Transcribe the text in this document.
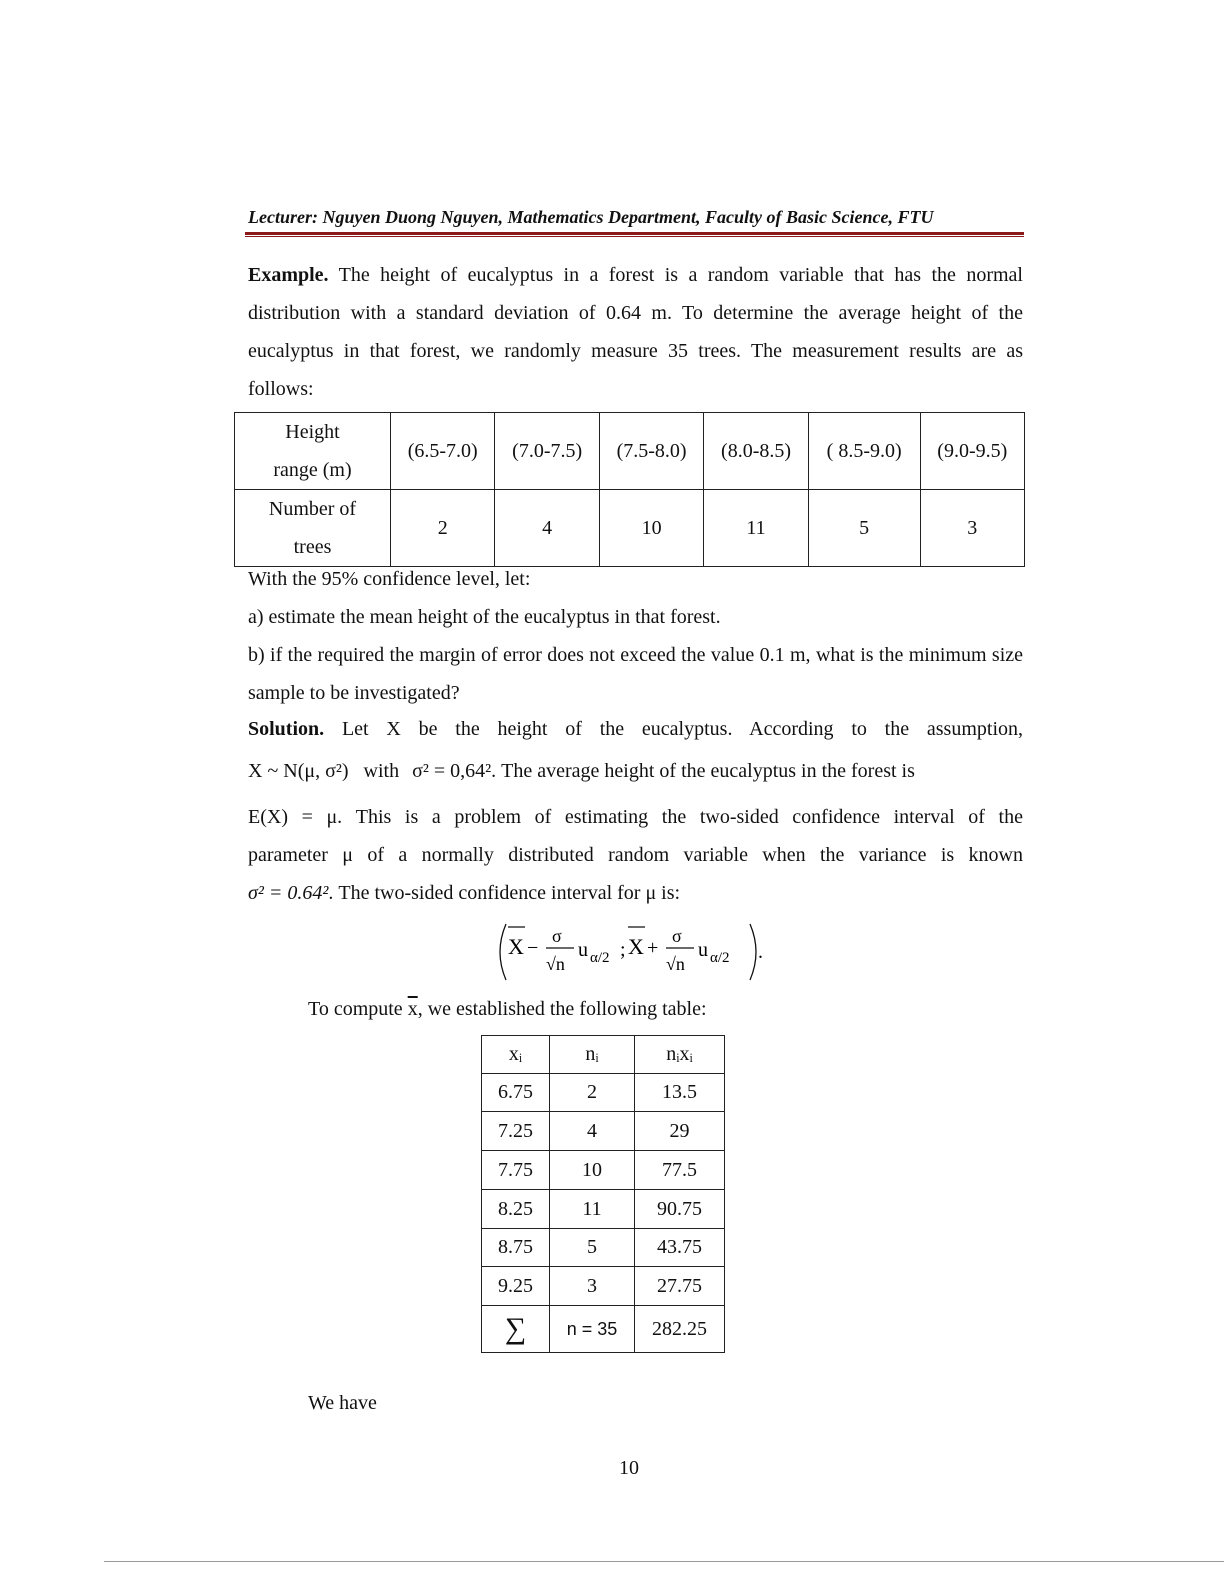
Lecturer: Nguyen Duong Nguyen, Mathematics Department, Faculty of Basic Science, FTU
Example. The height of eucalyptus in a forest is a random variable that has the normal distribution with a standard deviation of 0.64 m. To determine the average height of the eucalyptus in that forest, we randomly measure 35 trees. The measurement results are as follows:
Height
range (m)	(6.5-7.0)	(7.0-7.5)	(7.5-8.0)	(8.0-8.5)	( 8.5-9.0)	(9.0-9.5)

Number of
trees	2	4	10	11	5	3
With the 95% confidence level, let:
a) estimate the mean height of the eucalyptus in that forest.
b) if the required the margin of error does not exceed the value 0.1 m, what is the minimum size sample to be investigated?
Solution. Let X be the height of the eucalyptus. According to the assumption,
X ~ N(μ, σ²) with σ² = 0,64². The average height of the eucalyptus in the forest is
E(X) = μ. This is a problem of estimating the two-sided confidence interval of the
parameter μ of a normally distributed random variable when the variance is known
σ² = 0.64². The two-sided confidence interval for μ is:
X −
σ
√n
u α/2 ; X +
σ
√n
u α/2 .
To compute $\overline{x}$, we established the following table:
xᵢ	nᵢ	nᵢxᵢ
6.75	2	13.5
7.25	4	29
7.75	10	77.5
8.25	11	90.75
8.75	5	43.75
9.25	3	27.75
∑	n = 35	282.25
We have
10
